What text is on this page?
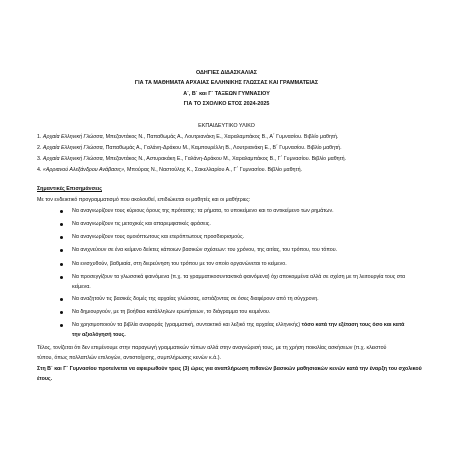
ΟΔΗΓΙΕΣ ΔΙΔΑΣΚΑΛΙΑΣ
ΓΙΑ ΤΑ ΜΑΘΗΜΑΤΑ ΑΡΧΑΙΑΣ ΕΛΛΗΝΙΚΗΣ ΓΛΩΣΣΑΣ ΚΑΙ ΓΡΑΜΜΑΤΕΙΑΣ
Α΄, Β΄ και Γ΄ ΤΑΞΕΩΝ ΓΥΜΝΑΣΙΟΥ
ΓΙΑ ΤΟ ΣΧΟΛΙΚΟ ΕΤΟΣ 2024-2025
ΕΚΠΑΙΔΕΥΤΙΚΟ ΥΛΙΚΟ
1. Αρχαία Ελληνική Γλώσσα, Μπεζαντάκος Ν., Παπαθωμάς Α., Λουτριανάκη Ε., Χαραλαμπάκος Β., Α΄ Γυμνασίου. Βιβλίο μαθητή.
2. Αρχαία Ελληνική Γλώσσα, Παπαθωμάς Α., Γαλάνη-Δράκου Μ., Καμπουρέλλη Β., Λουτριανάκη Ε., Β΄ Γυμνασίου. Βιβλίο μαθητή.
3. Αρχαία Ελληνική Γλώσσα, Μπεζαντάκος Ν., Αστυρακάκη Ε., Γαλάνη-Δράκου Μ., Χαραλαμπάκος Β., Γ΄ Γυμνασίου. Βιβλίο μαθητή.
4. «Αρριανού Αλεξάνδρου Ανάβασις», Μπούρας Ν., Ναστούλης Κ., Σακελλαρίου Α., Γ΄ Γυμνασίου. Βιβλίο μαθητή.
Σημαντικές Επισημάνσεις
Με τον ενδεικτικό προγραμματισμό που ακολουθεί, επιδιώκεται οι μαθητές και οι μαθήτριες:
Να αναγνωρίζουν τους κύριους όρους της πρότασης: τα ρήματα, το υποκείμενο και το αντικείμενο των ρημάτων.
Να αναγνωρίζουν τις μετοχικές και απαρεμφατικές φράσεις.
Να αναγνωρίζουν τους ομοιόπτωτους και ετερόπτωτους προσδιορισμούς.
Να ανιχνεύουν σε ένα κείμενο δείκτες κάποιων βασικών σχέσεων: του χρόνου, της αιτίας, του τρόπου, του τόπου.
Να ενισχυθούν, βαθμιαία, στη διερεύνηση του τρόπου με τον οποίο οργανώνεται το κείμενο.
Να προσεγγίζουν τα γλωσσικά φαινόμενα (π.χ. τα γραμματικοσυντακτικά φαινόμενα) όχι αποκομμένα αλλά σε σχέση με τη λειτουργία τους στα
κείμενα.
Να αναζητούν τις βασικές δομές της αρχαίας γλώσσας, εστιάζοντας σε όσες διαφέρουν από τη σύγχρονη.
Να δημιουργούν, με τη βοήθεια κατάλληλων ερωτήσεων, το διάγραμμα του κειμένου.
Να χρησιμοποιούν τα βιβλία αναφοράς (γραμματική, συντακτικό και λεξικό της αρχαίας ελληνικής) τόσο κατά την εξέταση τους όσο και κατά
την αξιολόγησή τους.
Τέλος, τονίζεται ότι δεν επιμένουμε στην παραγωγή γραμματικών τύπων αλλά στην αναγνώρισή τους, με τη χρήση ποικιλίας ασκήσεων (π.χ. κλειστού
τύπου, όπως πολλαπλών επιλογών, αντιστοίχισης, συμπλήρωσης κενών κ.ά.).
Στη Β΄ και Γ΄ Γυμνασίου προτείνεται να αφιερωθούν τρεις (3) ώρες για αναπλήρωση πιθανών βασικών μαθησιακών κενών κατά την έναρξη του σχολικού
έτους.
